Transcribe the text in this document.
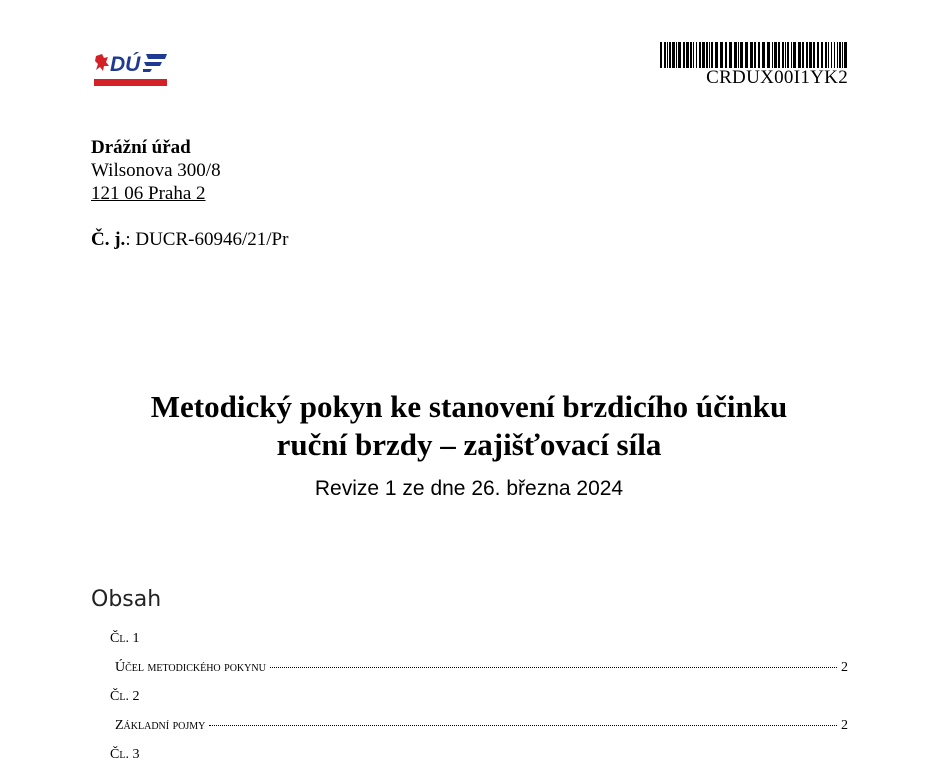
DÚ
CRDUX00I1YK2
Drážní úřad
Wilsonova 300/8
121 06 Praha 2
Č. j.: DUCR-60946/21/Pr
Metodický pokyn ke stanovení brzdicího účinku
ruční brzdy – zajišťovací síla
Revize 1 ze dne 26. března 2024
Obsah
Čl. 1
Účel metodického pokynu	2
Čl. 2
Základní pojmy	2
Čl. 3
